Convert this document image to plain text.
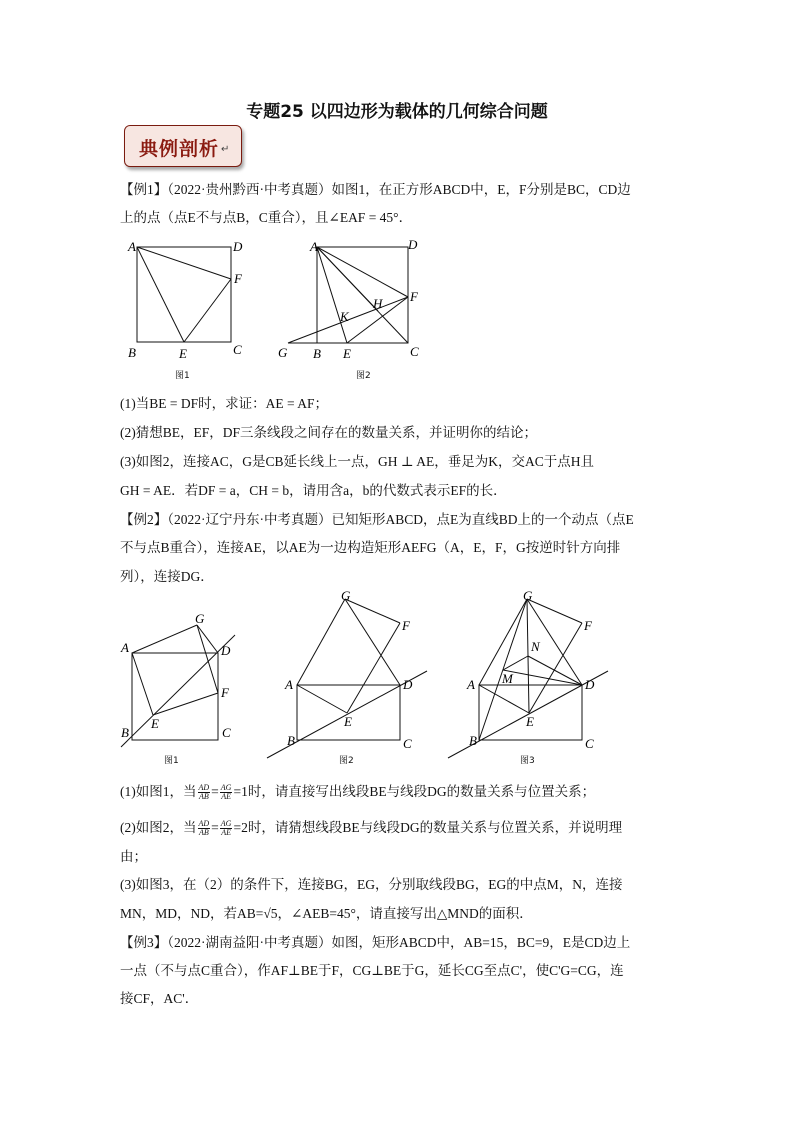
专题25 以四边形为载体的几何综合问题
典例剖析 ↵
【例1】（2022·贵州黔西·中考真题）如图1，在正方形ABCD中，E，F分别是BC，CD边
上的点（点E不与点B，C重合），且∠EAF = 45°．
A	D
F
B	E	C
A	D
F
H
K
G B E	C
图1	图2
(1)当BE = DF时，求证：AE = AF；
(2)猜想BE，EF，DF三条线段之间存在的数量关系，并证明你的结论；
(3)如图2，连接AC，G是CB延长线上一点，GH ⊥ AE，垂足为K，交AC于点H且
GH = AE．若DF = a，CH = b，请用含a，b的代数式表示EF的长．
【例2】（2022·辽宁丹东·中考真题）已知矩形ABCD，点E为直线BD上的一个动点（点E
不与点B重合），连接AE，以AE为一边构造矩形AEFG（A，E，F，G按逆时针方向排
列），连接DG．
A
G
D
F
E
B	C
G
F
A	D
E
B	C
G
F
N
M
A	D
E
B	C
图1	图2	图3
(1)如图1，当 $\frac{AD}{AB} = \frac{AG}{AE} =1$时，请直接写出线段BE与线段DG的数量关系与位置关系；
(2)如图2，当 $\frac{AD}{AB} = \frac{AG}{AE} =2$时，请猜想线段BE与线段DG的数量关系与位置关系，并说明理
由；
(3)如图3，在（2）的条件下，连接BG，EG，分别取线段BG，EG的中点M，N，连接
MN，MD，ND，若AB=√5，∠AEB=45°，请直接写出△MND的面积．
【例3】（2022·湖南益阳·中考真题）如图，矩形ABCD中，AB=15，BC=9，E是CD边上
一点（不与点C重合），作AF⊥BE于F，CG⊥BE于G，延长CG至点C'，使C'G=CG，连
接CF，AC'．
